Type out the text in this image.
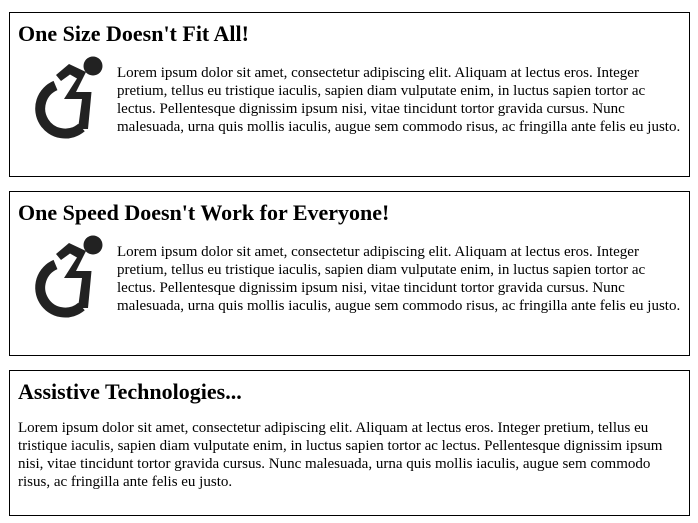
One Size Doesn't Fit All!

Lorem ipsum dolor sit amet, consectetur adipiscing elit. Aliquam at lectus eros. Integer pretium, tellus eu tristique iaculis, sapien diam vulputate enim, in luctus sapien tortor ac lectus. Pellentesque dignissim ipsum nisi, vitae tincidunt tortor gravida cursus. Nunc malesuada, urna quis mollis iaculis, augue sem commodo risus, ac fringilla ante felis eu justo.

One Speed Doesn't Work for Everyone!

Lorem ipsum dolor sit amet, consectetur adipiscing elit. Aliquam at lectus eros. Integer pretium, tellus eu tristique iaculis, sapien diam vulputate enim, in luctus sapien tortor ac lectus. Pellentesque dignissim ipsum nisi, vitae tincidunt tortor gravida cursus. Nunc malesuada, urna quis mollis iaculis, augue sem commodo risus, ac fringilla ante felis eu justo.

Assistive Technologies...

Lorem ipsum dolor sit amet, consectetur adipiscing elit. Aliquam at lectus eros. Integer pretium, tellus eu tristique iaculis, sapien diam vulputate enim, in luctus sapien tortor ac lectus. Pellentesque dignissim ipsum nisi, vitae tincidunt tortor gravida cursus. Nunc malesuada, urna quis mollis iaculis, augue sem commodo risus, ac fringilla ante felis eu justo.
